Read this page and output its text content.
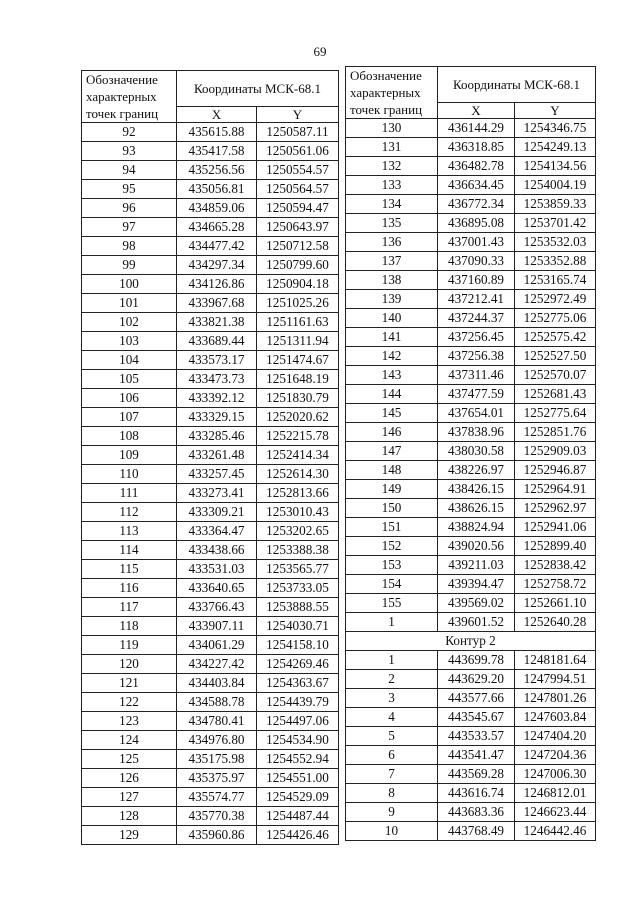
69
Обозначение характерных точек границ	Координаты МСК-68.1	
	X	Y
92	435615.88	1250587.11
93	435417.58	1250561.06
94	435256.56	1250554.57
95	435056.81	1250564.57
96	434859.06	1250594.47
97	434665.28	1250643.97
98	434477.42	1250712.58
99	434297.34	1250799.60
100	434126.86	1250904.18
101	433967.68	1251025.26
102	433821.38	1251161.63
103	433689.44	1251311.94
104	433573.17	1251474.67
105	433473.73	1251648.19
106	433392.12	1251830.79
107	433329.15	1252020.62
108	433285.46	1252215.78
109	433261.48	1252414.34
110	433257.45	1252614.30
111	433273.41	1252813.66
112	433309.21	1253010.43
113	433364.47	1253202.65
114	433438.66	1253388.38
115	433531.03	1253565.77
116	433640.65	1253733.05
117	433766.43	1253888.55
118	433907.11	1254030.71
119	434061.29	1254158.10
120	434227.42	1254269.46
121	434403.84	1254363.67
122	434588.78	1254439.79
123	434780.41	1254497.06
124	434976.80	1254534.90
125	435175.98	1254552.94
126	435375.97	1254551.00
127	435574.77	1254529.09
128	435770.38	1254487.44
129	435960.86	1254426.46
Обозначение характерных точек границ	Координаты МСК-68.1	
	X	Y
130	436144.29	1254346.75
131	436318.85	1254249.13
132	436482.78	1254134.56
133	436634.45	1254004.19
134	436772.34	1253859.33
135	436895.08	1253701.42
136	437001.43	1253532.03
137	437090.33	1253352.88
138	437160.89	1253165.74
139	437212.41	1252972.49
140	437244.37	1252775.06
141	437256.45	1252575.42
142	437256.38	1252527.50
143	437311.46	1252570.07
144	437477.59	1252681.43
145	437654.01	1252775.64
146	437838.96	1252851.76
147	438030.58	1252909.03
148	438226.97	1252946.87
149	438426.15	1252964.91
150	438626.15	1252962.97
151	438824.94	1252941.06
152	439020.56	1252899.40
153	439211.03	1252838.42
154	439394.47	1252758.72
155	439569.02	1252661.10
1	439601.52	1252640.28
Контур 2		
1	443699.78	1248181.64
2	443629.20	1247994.51
3	443577.66	1247801.26
4	443545.67	1247603.84
5	443533.57	1247404.20
6	443541.47	1247204.36
7	443569.28	1247006.30
8	443616.74	1246812.01
9	443683.36	1246623.44
10	443768.49	1246442.46
